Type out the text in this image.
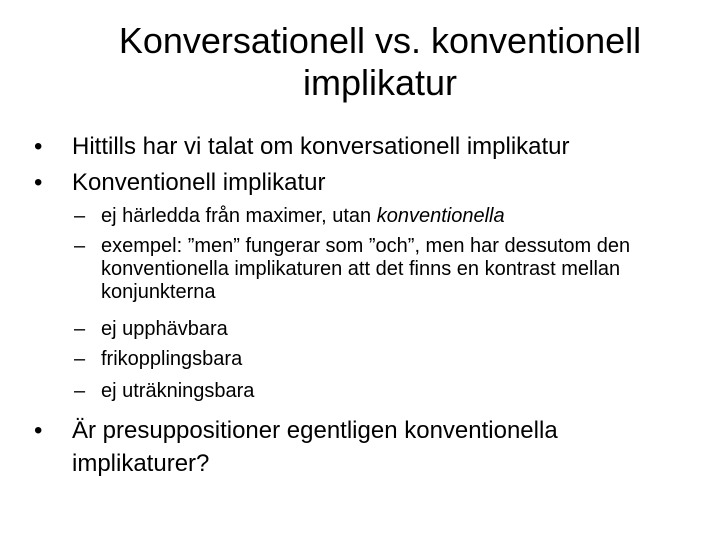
Konversationell vs. konventionell
implikatur
• Hittills har vi talat om konversationell implikatur
• Konventionell implikatur
– ej härledda från maximer, utan konventionella
– exempel: ”men” fungerar som ”och”, men har dessutom den konventionella implikaturen att det finns en kontrast mellan konjunkterna
– ej upphävbara
– frikopplingsbara
– ej uträkningsbara
• Är presuppositioner egentligen konventionella implikaturer?
